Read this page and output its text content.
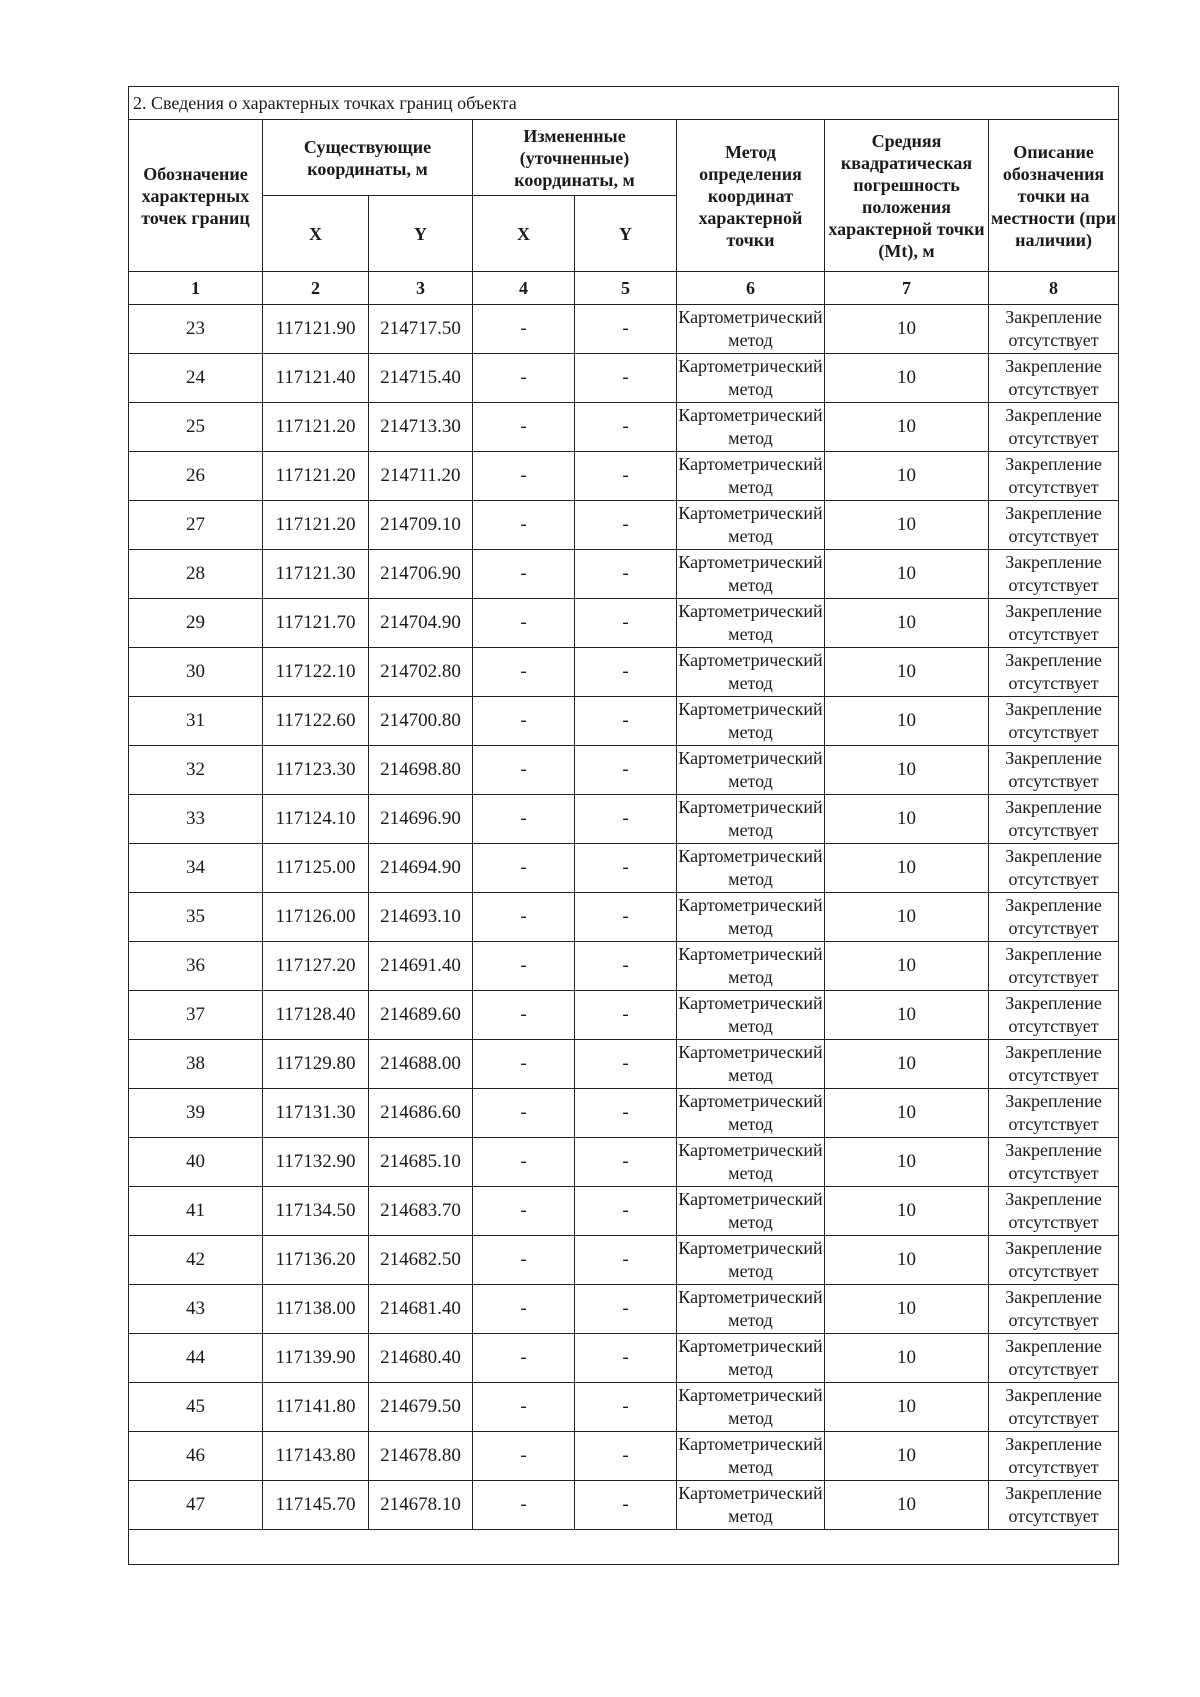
2. Сведения о характерных точках границ объекта							
Обозначение характерных точек границ	Существующие координаты, м		Измененные (уточненные) координаты, м		Метод определения координат характерной точки	Средняя квадратическая погрешность положения характерной точки (Mt), м	Описание обозначения точки на местности (при наличии)
	X	Y	X	Y			
1	2	3	4	5	6	7	8
23	117121.90	214717.50	-	-	Картометрический метод	10	Закрепление отсутствует
24	117121.40	214715.40	-	-	Картометрический метод	10	Закрепление отсутствует
25	117121.20	214713.30	-	-	Картометрический метод	10	Закрепление отсутствует
26	117121.20	214711.20	-	-	Картометрический метод	10	Закрепление отсутствует
27	117121.20	214709.10	-	-	Картометрический метод	10	Закрепление отсутствует
28	117121.30	214706.90	-	-	Картометрический метод	10	Закрепление отсутствует
29	117121.70	214704.90	-	-	Картометрический метод	10	Закрепление отсутствует
30	117122.10	214702.80	-	-	Картометрический метод	10	Закрепление отсутствует
31	117122.60	214700.80	-	-	Картометрический метод	10	Закрепление отсутствует
32	117123.30	214698.80	-	-	Картометрический метод	10	Закрепление отсутствует
33	117124.10	214696.90	-	-	Картометрический метод	10	Закрепление отсутствует
34	117125.00	214694.90	-	-	Картометрический метод	10	Закрепление отсутствует
35	117126.00	214693.10	-	-	Картометрический метод	10	Закрепление отсутствует
36	117127.20	214691.40	-	-	Картометрический метод	10	Закрепление отсутствует
37	117128.40	214689.60	-	-	Картометрический метод	10	Закрепление отсутствует
38	117129.80	214688.00	-	-	Картометрический метод	10	Закрепление отсутствует
39	117131.30	214686.60	-	-	Картометрический метод	10	Закрепление отсутствует
40	117132.90	214685.10	-	-	Картометрический метод	10	Закрепление отсутствует
41	117134.50	214683.70	-	-	Картометрический метод	10	Закрепление отсутствует
42	117136.20	214682.50	-	-	Картометрический метод	10	Закрепление отсутствует
43	117138.00	214681.40	-	-	Картометрический метод	10	Закрепление отсутствует
44	117139.90	214680.40	-	-	Картометрический метод	10	Закрепление отсутствует
45	117141.80	214679.50	-	-	Картометрический метод	10	Закрепление отсутствует
46	117143.80	214678.80	-	-	Картометрический метод	10	Закрепление отсутствует
47	117145.70	214678.10	-	-	Картометрический метод	10	Закрепление отсутствует
